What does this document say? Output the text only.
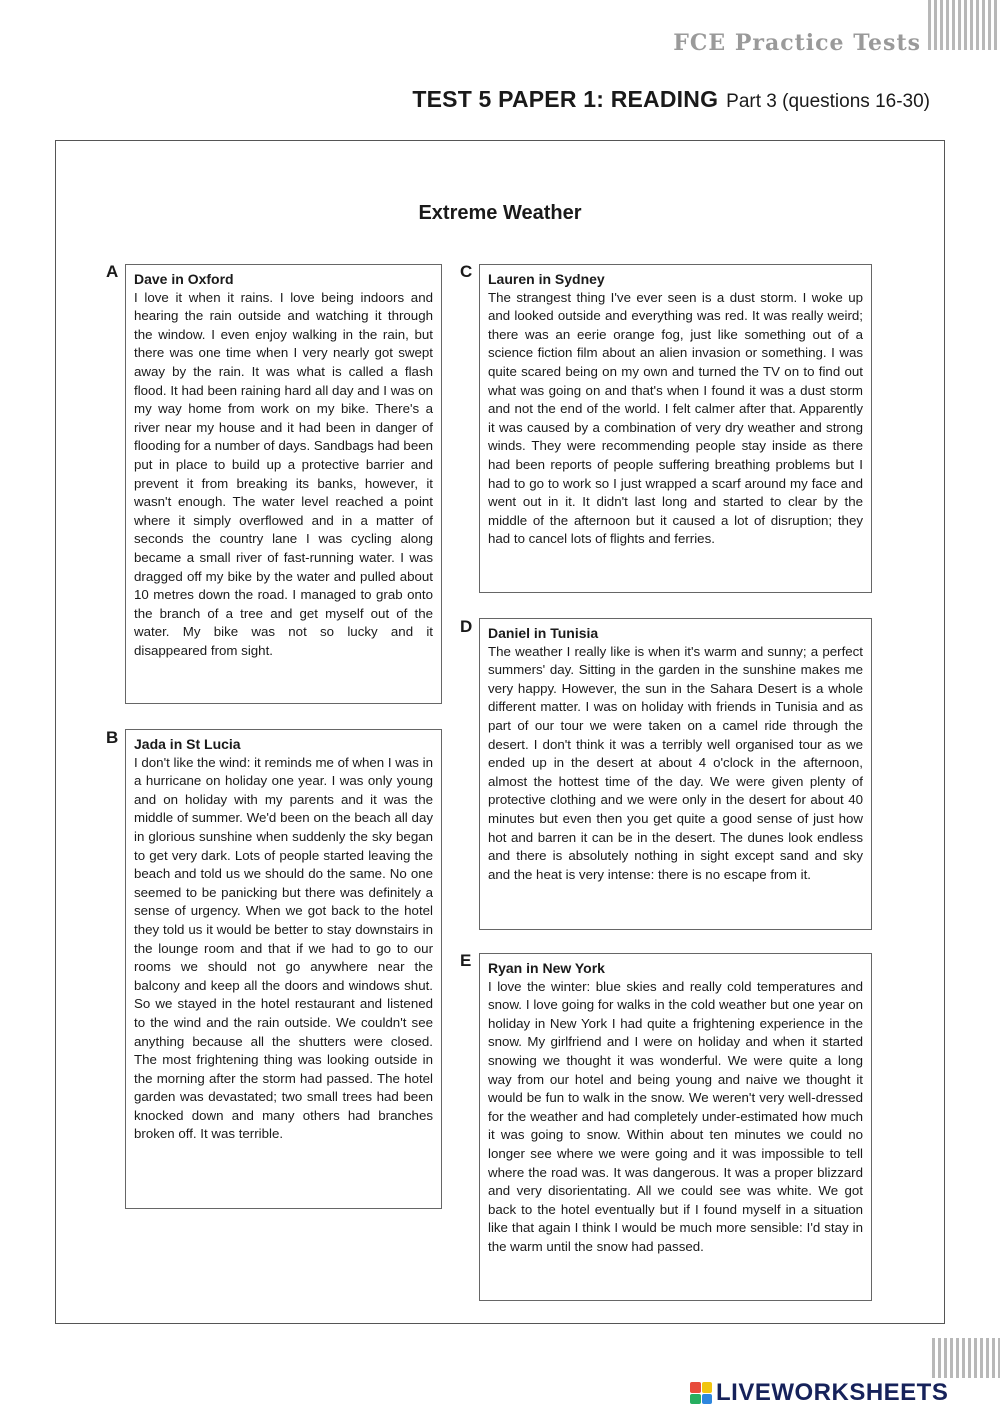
FCE Practice Tests
TEST 5 PAPER 1: READING Part 3 (questions 16-30)
Extreme Weather
A Dave in Oxford

I love it when it rains. I love being indoors and hearing the rain outside and watching it through the window. I even enjoy walking in the rain, but there was one time when I very nearly got swept away by the rain. It was what is called a flash flood. It had been raining hard all day and I was on my way home from work on my bike. There's a river near my house and it had been in danger of flooding for a number of days. Sandbags had been put in place to build up a protective barrier and prevent it from breaking its banks, however, it wasn't enough. The water level reached a point where it simply overflowed and in a matter of seconds the country lane I was cycling along became a small river of fast-running water. I was dragged off my bike by the water and pulled about 10 metres down the road. I managed to grab onto the branch of a tree and get myself out of the water. My bike was not so lucky and it disappeared from sight.

B Jada in St Lucia

I don't like the wind: it reminds me of when I was in a hurricane on holiday one year. I was only young and on holiday with my parents and it was the middle of summer. We'd been on the beach all day in glorious sunshine when suddenly the sky began to get very dark. Lots of people started leaving the beach and told us we should do the same. No one seemed to be panicking but there was definitely a sense of urgency. When we got back to the hotel they told us it would be better to stay downstairs in the lounge room and that if we had to go to our rooms we should not go anywhere near the balcony and keep all the doors and windows shut. So we stayed in the hotel restaurant and listened to the wind and the rain outside. We couldn't see anything because all the shutters were closed. The most frightening thing was looking outside in the morning after the storm had passed. The hotel garden was devastated; two small trees had been knocked down and many others had branches broken off. It was terrible.

C Lauren in Sydney

The strangest thing I've ever seen is a dust storm. I woke up and looked outside and everything was red. It was really weird; there was an eerie orange fog, just like something out of a science fiction film about an alien invasion or something. I was quite scared being on my own and turned the TV on to find out what was going on and that's when I found it was a dust storm and not the end of the world. I felt calmer after that. Apparently it was caused by a combination of very dry weather and strong winds. They were recommending people stay inside as there had been reports of people suffering breathing problems but I had to go to work so I just wrapped a scarf around my face and went out in it. It didn't last long and started to clear by the middle of the afternoon but it caused a lot of disruption; they had to cancel lots of flights and ferries.

D Daniel in Tunisia

The weather I really like is when it's warm and sunny; a perfect summers' day. Sitting in the garden in the sunshine makes me very happy. However, the sun in the Sahara Desert is a whole different matter. I was on holiday with friends in Tunisia and as part of our tour we were taken on a camel ride through the desert. I don't think it was a terribly well organised tour as we ended up in the desert at about 4 o'clock in the afternoon, almost the hottest time of the day. We were given plenty of protective clothing and we were only in the desert for about 40 minutes but even then you get quite a good sense of just how hot and barren it can be in the desert. The dunes look endless and there is absolutely nothing in sight except sand and sky and the heat is very intense: there is no escape from it.

E Ryan in New York

I love the winter: blue skies and really cold temperatures and snow. I love going for walks in the cold weather but one year on holiday in New York I had quite a frightening experience in the snow. My girlfriend and I were on holiday and when it started snowing we thought it was wonderful. We were quite a long way from our hotel and being young and naive we thought it would be fun to walk in the snow. We weren't very well-dressed for the weather and had completely under-estimated how much it was going to snow. Within about ten minutes we could no longer see where we were going and it was impossible to tell where the road was. It was dangerous. It was a proper blizzard and very disorientating. All we could see was white. We got back to the hotel eventually but if I found myself in a situation like that again I think I would be much more sensible: I'd stay in the warm until the snow had passed.

LIVEWORKSHEETS
